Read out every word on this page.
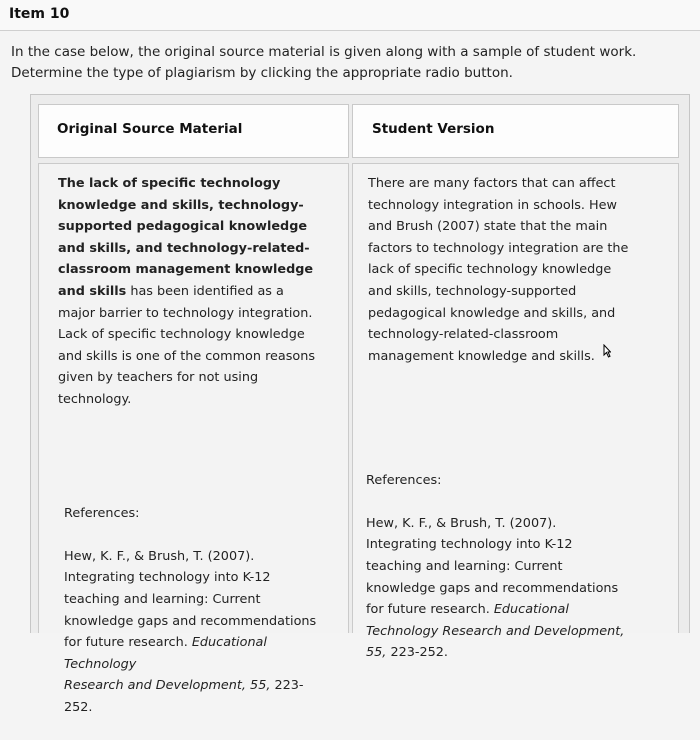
Item 10
In the case below, the original source material is given along with a sample of student work.
Determine the type of plagiarism by clicking the appropriate radio button.
Original Source Material	Student Version
The lack of specific technology
knowledge and skills, technology-
supported pedagogical knowledge
and skills, and technology-related-
classroom management knowledge
and skills has been identified as a
major barrier to technology integration.
Lack of specific technology knowledge
and skills is one of the common reasons
given by teachers for not using
technology.

References:

Hew, K. F., & Brush, T. (2007).
Integrating technology into K-12
teaching and learning: Current
knowledge gaps and recommendations
for future research. Educational
Technology
Research and Development, 55, 223-
252.

There are many factors that can affect
technology integration in schools. Hew
and Brush (2007) state that the main
factors to technology integration are the
lack of specific technology knowledge
and skills, technology-supported
pedagogical knowledge and skills, and
technology-related-classroom
management knowledge and skills.

References:

Hew, K. F., & Brush, T. (2007).
Integrating technology into K-12
teaching and learning: Current
knowledge gaps and recommendations
for future research. Educational
Technology Research and Development,
55, 223-252.
